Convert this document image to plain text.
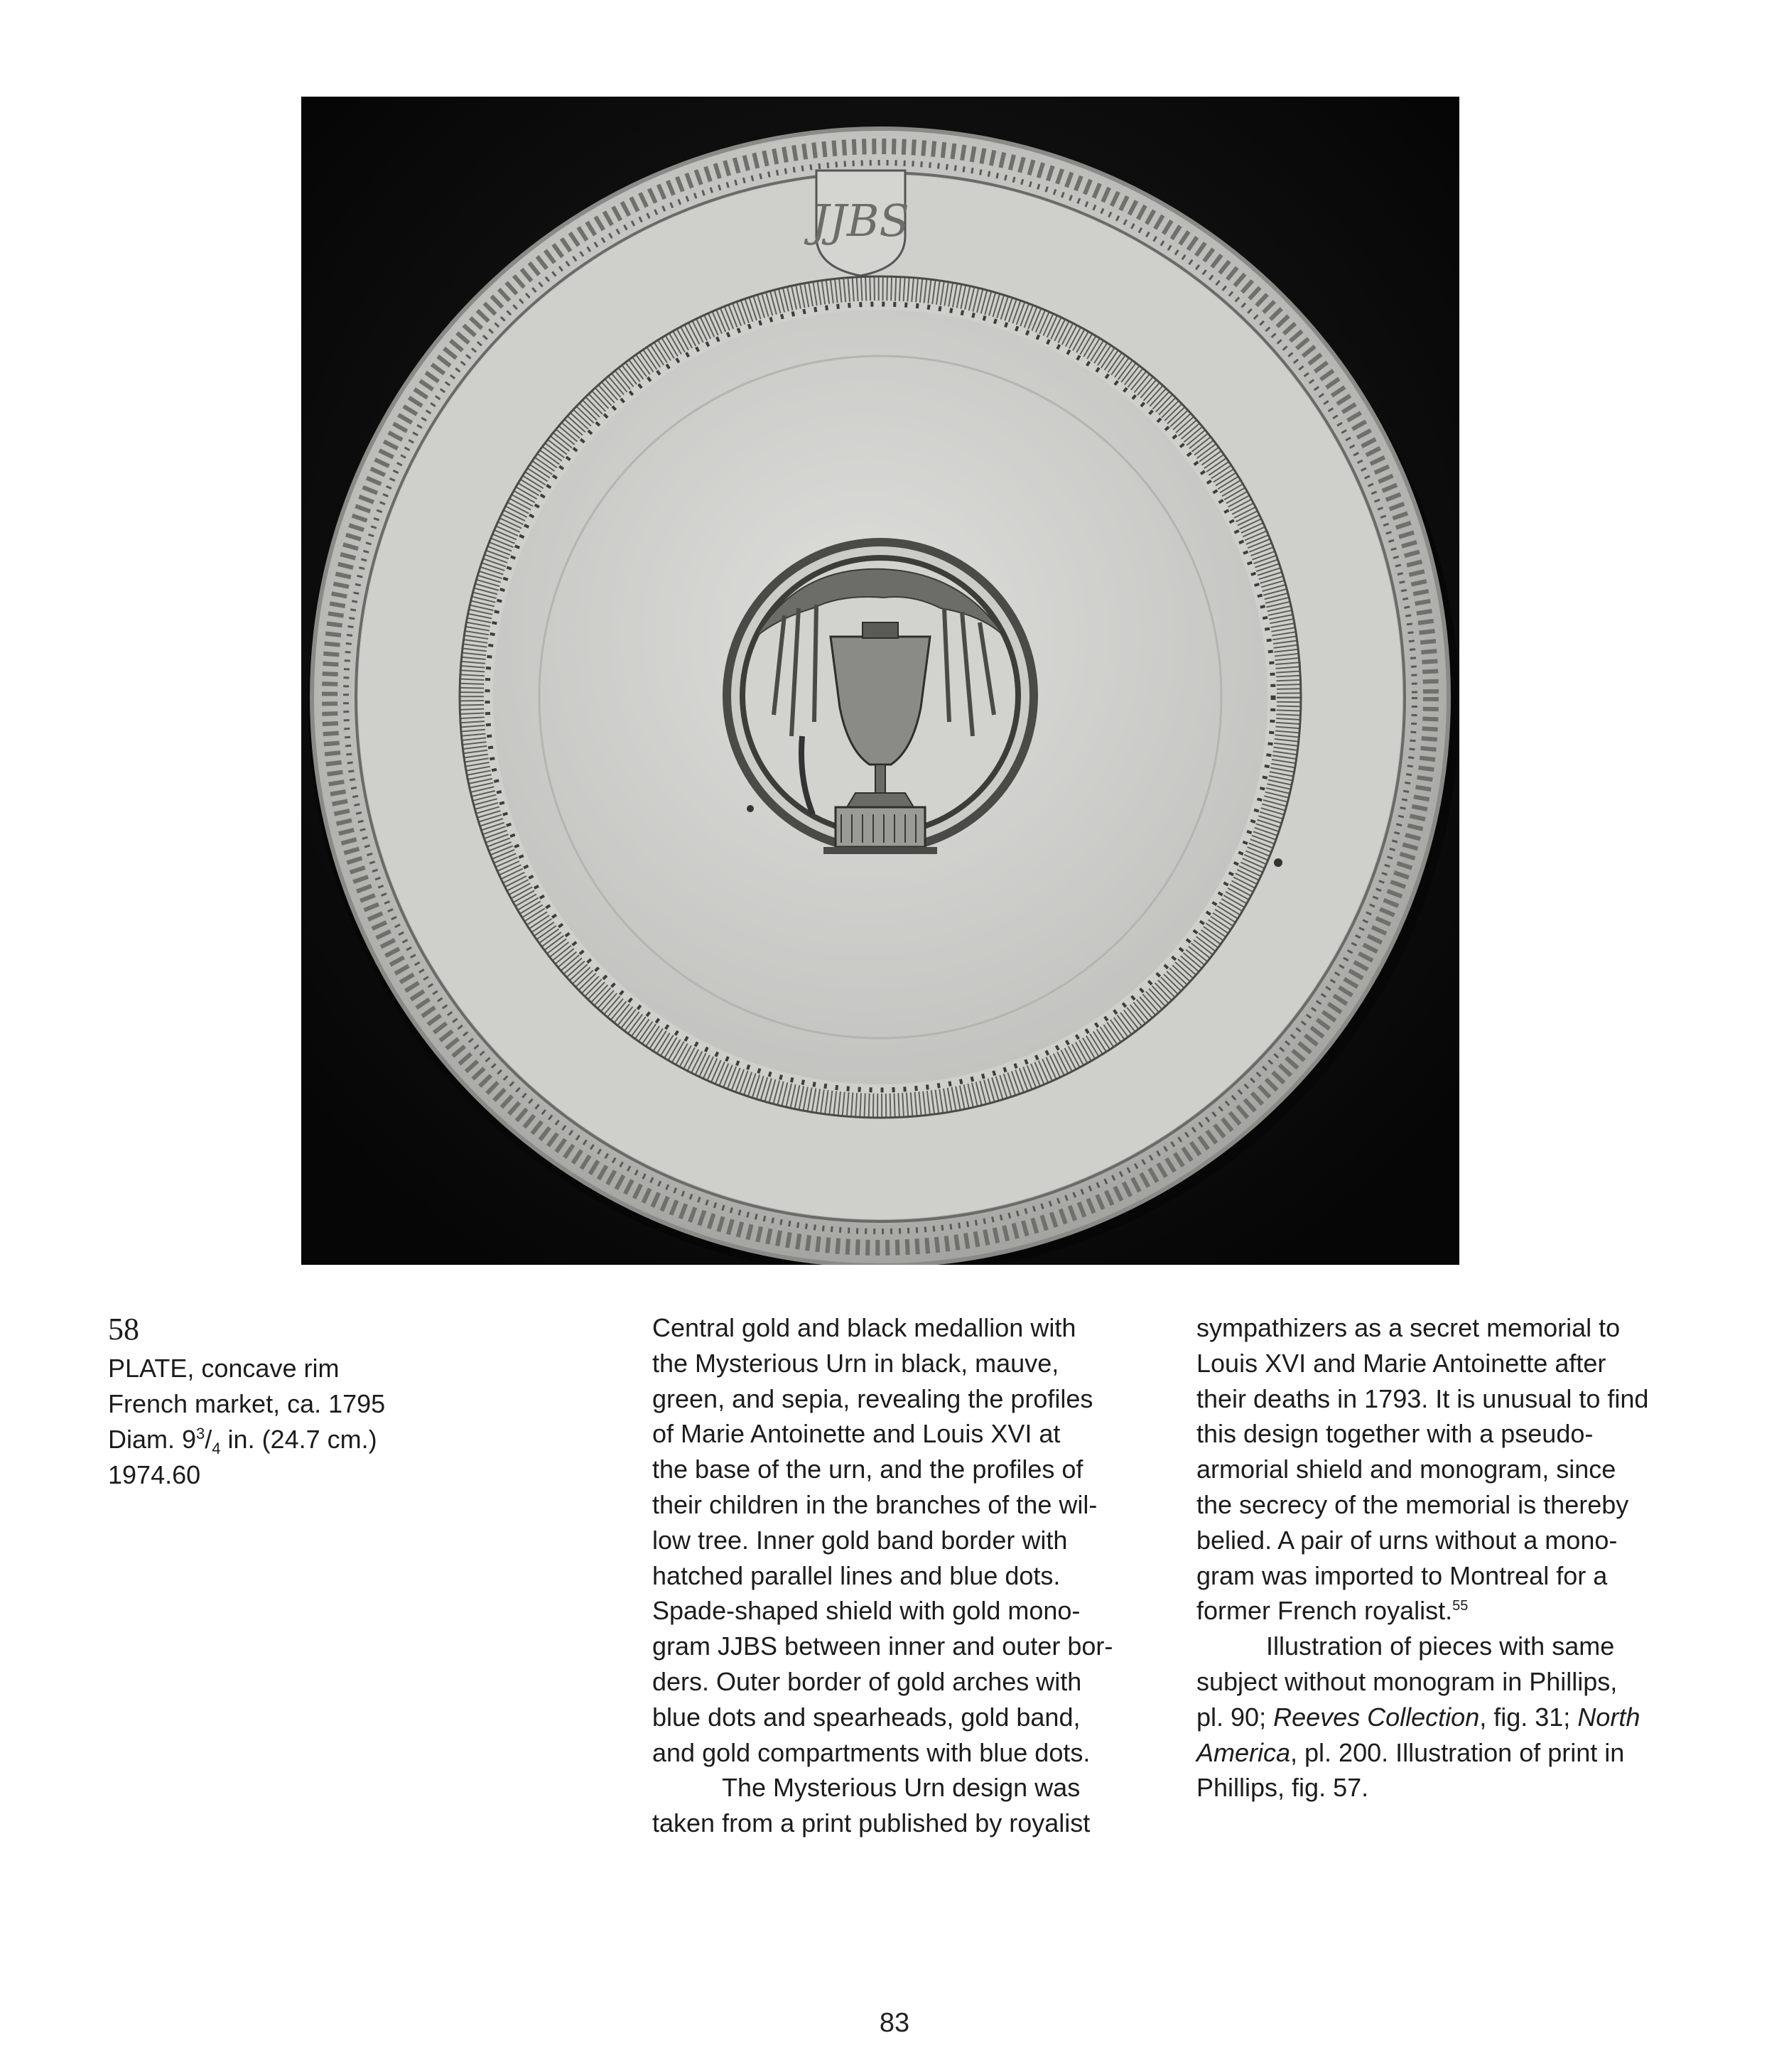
JJBS
58
PLATE, concave rim
French market, ca. 1795
Diam. $9^3/_4$ in. (24.7 cm.)
1974.60
Central gold and black medallion with
the Mysterious Urn in black, mauve,
green, and sepia, revealing the profiles
of Marie Antoinette and Louis XVI at
the base of the urn, and the profiles of
their children in the branches of the wil-
low tree. Inner gold band border with
hatched parallel lines and blue dots.
Spade-shaped shield with gold mono-
gram JJBS between inner and outer bor-
ders. Outer border of gold arches with
blue dots and spearheads, gold band,
and gold compartments with blue dots.
The Mysterious Urn design was
taken from a print published by royalist
sympathizers as a secret memorial to
Louis XVI and Marie Antoinette after
their deaths in 1793. It is unusual to find
this design together with a pseudo-
armorial shield and monogram, since
the secrecy of the memorial is thereby
belied. A pair of urns without a mono-
gram was imported to Montreal for a
former French royalist.$^{55}$
Illustration of pieces with same
subject without monogram in Phillips,
pl. 90; Reeves Collection, fig. 31; North
America, pl. 200. Illustration of print in
Phillips, fig. 57.
83
